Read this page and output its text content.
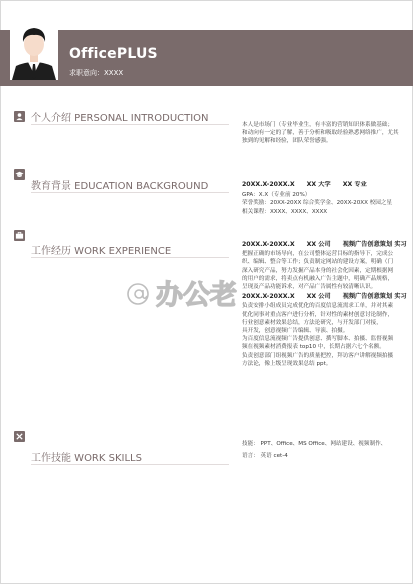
OfficePLUS
求职意向：XXXX
个人介绍 PERSONAL INTRODUCTION

本人是市场门（专业毕业生，有丰富的营销知识体系做基础；

和动向有一定的了解，善于分析和吸取经验熟悉网络推广，尤其

独到的见解和经验，团队荣誉感强。

教育背景 EDUCATION BACKGROUND	20XX.X-20XX.X XX 大学 XX 专业

GPA：X.X（专业前 20%）

荣誉奖励：20XX-20XX 综合奖学金、20XX-20XX 校园之星

相关课程：XXXX、XXXX、XXXX

工作经历 WORK EXPERIENCE
20XX.X-20XX.X XX 公司 视频广告创意策划 实习

把握正确的市场导向，在公司整体运营目标的指导下，完成公

织、编辑、整合等工作；负责制定网站的建设方案，明确（门

深入研究产品，努力发掘产品本身的社会化因素，定期根据网

的用户的需求，将卖点有机融入广告主题中，明确产品规格，

呈现及产品功能诉求，对产品广告属性有较清晰认识。

20XX.X-20XX.X XX 公司 视频广告创意策划 实习

负责安排小组成员完成优化的百度信息流需求工单，并对其素

优化同事对重点客户进行分析，针对性的素材创意讨论制作，

行业创意素材效果总结，方法论研究，与开发部门对接，

具开发，创意视频广告编辑、导演、拍摄。

为百度信息流视频广告提供创意、撰写脚本、拍摄、监督视频

频在视频素材消费报表 top10 中，长期占据六七个名额。

负责创意部门组视频广告的质量把控，拜访客户讲解视频拍摄

方法论，像上级呈现效果总结 ppt。

工作技能 WORK SKILLS

技能： PPT、Office、MS Office、网站建设、视频制作、

语言： 英语 cet-4

办公老
